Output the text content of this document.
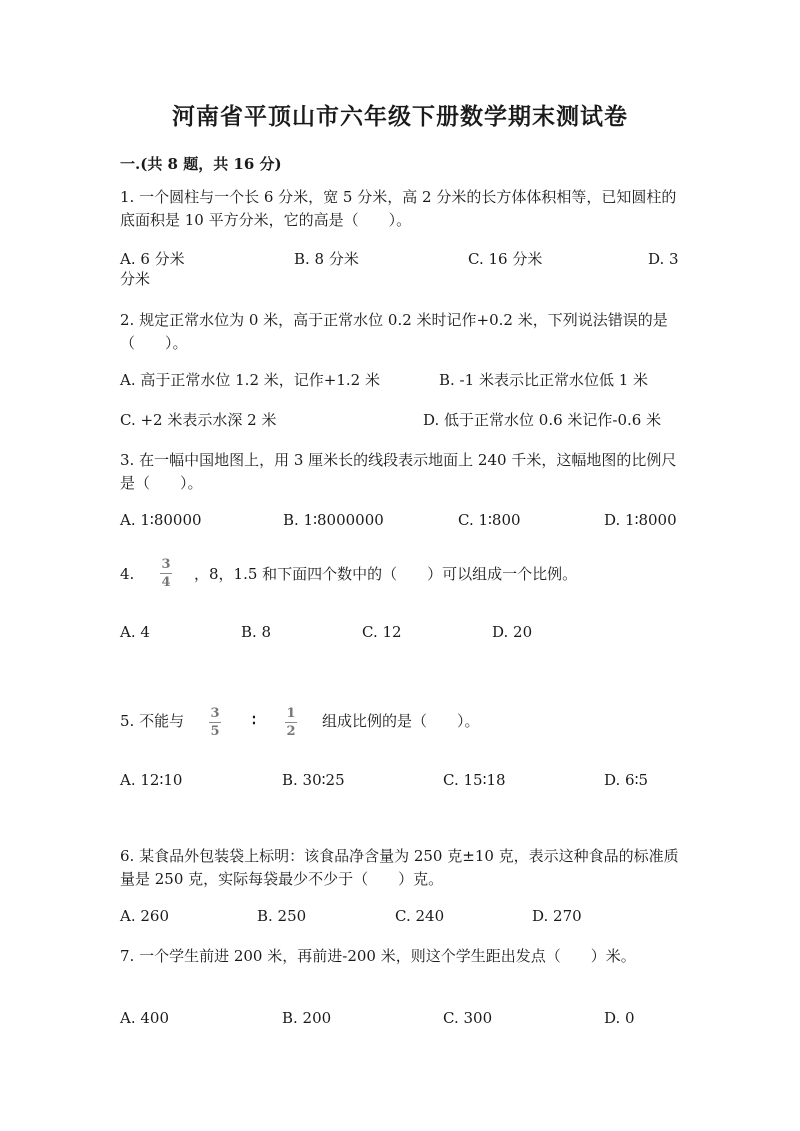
河南省平顶山市六年级下册数学期末测试卷
一.(共 8 题，共 16 分)
1. 一个圆柱与一个长 6 分米，宽 5 分米，高 2 分米的长方体体积相等，已知圆柱的底面积是 10 平方分米，它的高是（　　）。
A. 6 分米	B. 8 分米	C. 16 分米	D. 3
分米
2. 规定正常水位为 0 米，高于正常水位 0.2 米时记作+0.2 米，下列说法错误的是（　　）。
A. 高于正常水位 1.2 米，记作+1.2 米	B. -1 米表示比正常水位低 1 米
C. +2 米表示水深 2 米	D. 低于正常水位 0.6 米记作-0.6 米
3. 在一幅中国地图上，用 3 厘米长的线段表示地面上 240 千米，这幅地图的比例尺是（　　）。
A. 1∶80000	B. 1∶8000000	C. 1∶800	D. 1∶8000
4.
3
4 ，8，1.5 和下面四个数中的（　　）可以组成一个比例。
A. 4	B. 8	C. 12	D. 20
5. 不能与 3
5
∶ 1
2
组成比例的是（　　）。
A. 12∶10	B. 30∶25	C. 15∶18	D. 6∶5
6. 某食品外包装袋上标明：该食品净含量为 250 克±10 克，表示这种食品的标准质量是 250 克，实际每袋最少不少于（　　）克。
A. 260	B. 250	C. 240	D. 270
7. 一个学生前进 200 米，再前进-200 米，则这个学生距出发点（　　）米。
A. 400	B. 200	C. 300	D. 0
